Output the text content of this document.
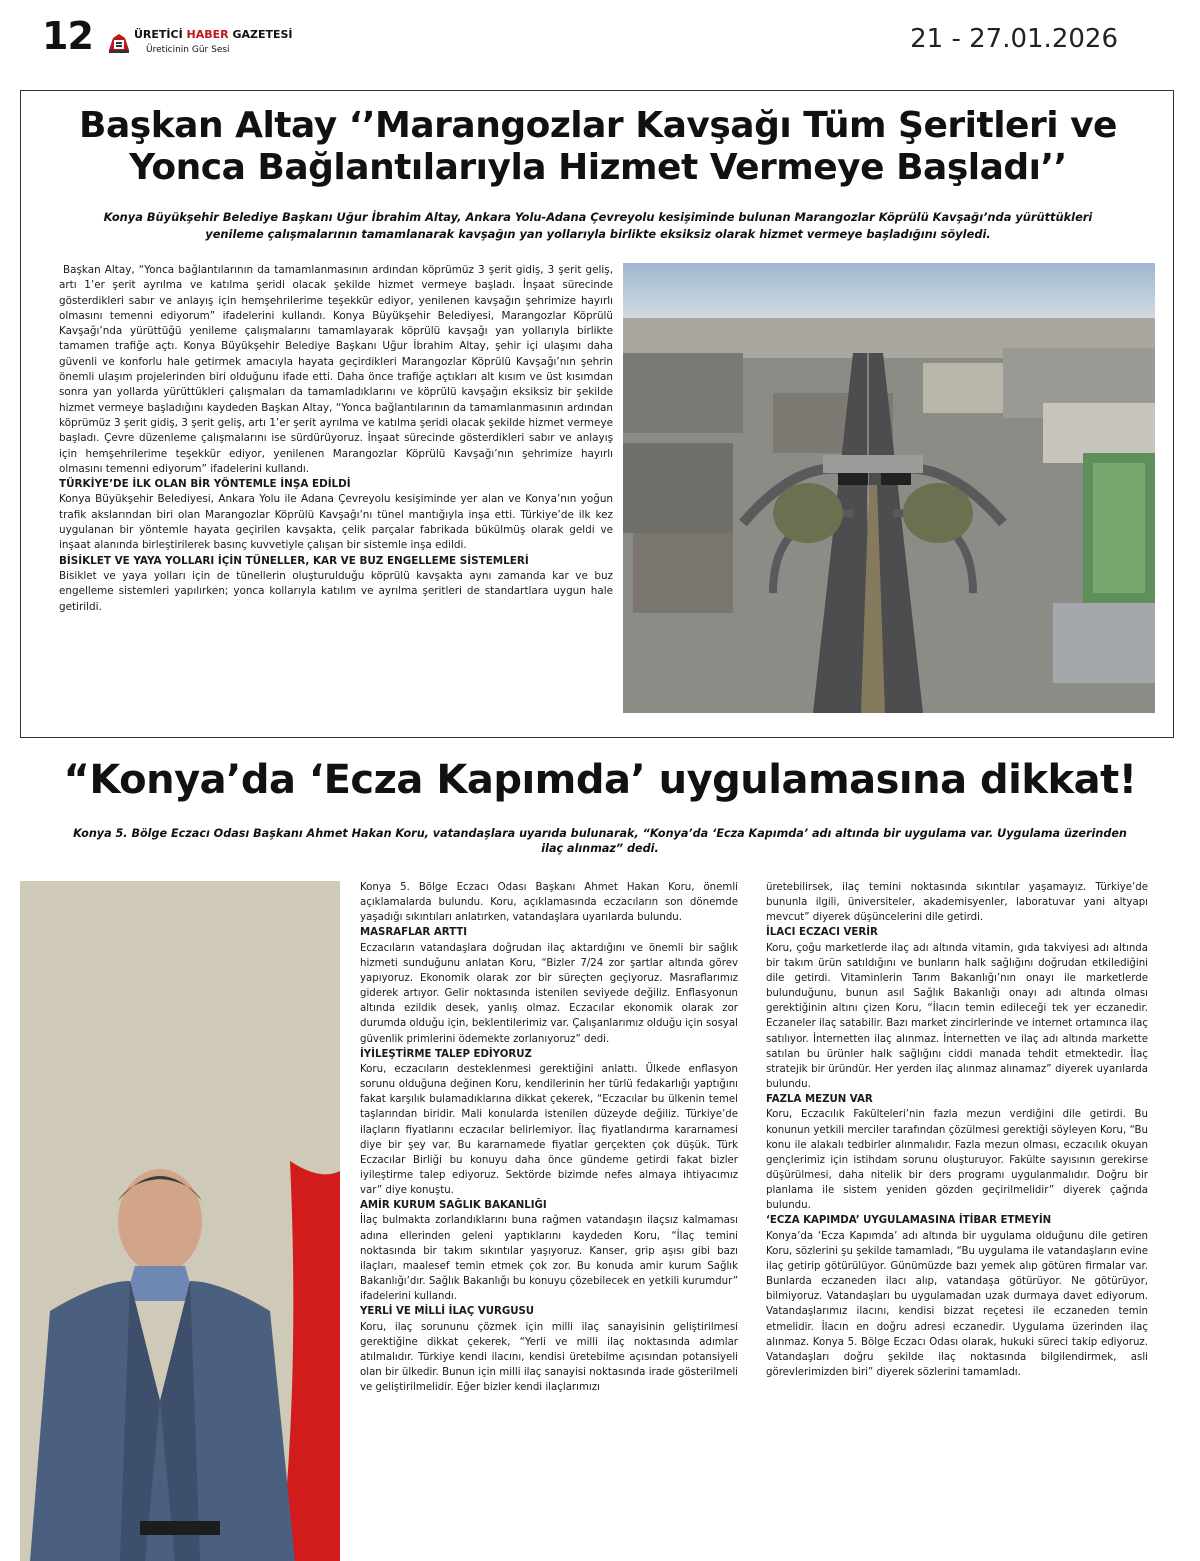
12	ÜRETİCİ HABER GAZETESİ
Üreticinin Gür Sesi	21 - 27.01.2026
Başkan Altay ‘’Marangozlar Kavşağı Tüm Şeritleri ve Yonca Bağlantılarıyla Hizmet Vermeye Başladı’’

Konya Büyükşehir Belediye Başkanı Uğur İbrahim Altay, Ankara Yolu-Adana Çevreyolu kesişiminde bulunan Marangozlar Köprülü Kavşağı’nda yürüttükleri yenileme çalışmalarının tamamlanarak kavşağın yan yollarıyla birlikte eksiksiz olarak hizmet vermeye başladığını söyledi.

Başkan Altay, “Yonca bağlantılarının da tamamlanmasının ardından köprümüz 3 şerit gidiş, 3 şerit geliş, artı 1’er şerit ayrılma ve katılma şeridi olacak şekilde hizmet vermeye başladı. İnşaat sürecinde gösterdikleri sabır ve anlayış için hemşehrilerime teşekkür ediyor, yenilenen kavşağın şehrimize hayırlı olmasını temenni ediyorum” ifadelerini kullandı. Konya Büyükşehir Belediyesi, Marangozlar Köprülü Kavşağı’nda yürüttüğü yenileme çalışmalarını tamamlayarak köprülü kavşağı yan yollarıyla birlikte tamamen trafiğe açtı. Konya Büyükşehir Belediye Başkanı Uğur İbrahim Altay, şehir içi ulaşımı daha güvenli ve konforlu hale getirmek amacıyla hayata geçirdikleri Marangozlar Köprülü Kavşağı’nın şehrin önemli ulaşım projelerinden biri olduğunu ifade etti. Daha önce trafiğe açtıkları alt kısım ve üst kısımdan sonra yan yollarda yürüttükleri çalışmaları da tamamladıklarını ve köprülü kavşağın eksiksiz bir şekilde hizmet vermeye başladığını kaydeden Başkan Altay, “Yonca bağlantılarının da tamamlanmasının ardından köprümüz 3 şerit gidiş, 3 şerit geliş, artı 1’er şerit ayrılma ve katılma şeridi olacak şekilde hizmet vermeye başladı. Çevre düzenleme çalışmalarını ise sürdürüyoruz. İnşaat sürecinde gösterdikleri sabır ve anlayış için hemşehrilerime teşekkür ediyor, yenilenen Marangozlar Köprülü Kavşağı’nın şehrimize hayırlı olmasını temenni ediyorum” ifadelerini kullandı.

TÜRKİYE’DE İLK OLAN BİR YÖNTEMLE İNŞA EDİLDİ

Konya Büyükşehir Belediyesi, Ankara Yolu ile Adana Çevreyolu kesişiminde yer alan ve Konya’nın yoğun trafik akslarından biri olan Marangozlar Köprülü Kavşağı’nı tünel mantığıyla inşa etti. Türkiye’de ilk kez uygulanan bir yöntemle hayata geçirilen kavşakta, çelik parçalar fabrikada bükülmüş olarak geldi ve inşaat alanında birleştirilerek basınç kuvvetiyle çalışan bir sistemle inşa edildi.

BİSİKLET VE YAYA YOLLARI İÇİN TÜNELLER, KAR VE BUZ ENGELLEME SİSTEMLERİ

Bisiklet ve yaya yolları için de tünellerin oluşturulduğu köprülü kavşakta aynı zamanda kar ve buz engelleme sistemleri yapılırken; yonca kollarıyla katılım ve ayrılma şeritleri de standartlara uygun hale getirildi.

“Konya’da ‘Ecza Kapımda’ uygulamasına dikkat!

Konya 5. Bölge Eczacı Odası Başkanı Ahmet Hakan Koru, vatandaşlara uyarıda bulunarak, “Konya’da ‘Ecza Kapımda’ adı altında bir uygulama var. Uygulama üzerinden ilaç alınmaz” dedi.

Konya 5. Bölge Eczacı Odası Başkanı Ahmet Hakan Koru, önemli açıklamalarda bulundu. Koru, açıklamasında eczacıların son dönemde yaşadığı sıkıntıları anlatırken, vatandaşlara uyarılarda bulundu.

MASRAFLAR ARTTI

Eczacıların vatandaşlara doğrudan ilaç aktardığını ve önemli bir sağlık hizmeti sunduğunu anlatan Koru, “Bizler 7/24 zor şartlar altında görev yapıyoruz. Ekonomik olarak zor bir süreçten geçiyoruz. Masraflarımız giderek artıyor. Gelir noktasında istenilen seviyede değiliz. Enflasyonun altında ezildik desek, yanlış olmaz. Eczacılar ekonomik olarak zor durumda olduğu için, beklentilerimiz var. Çalışanlarımız olduğu için sosyal güvenlik primlerini ödemekte zorlanıyoruz” dedi.

İYİLEŞTİRME TALEP EDİYORUZ

Koru, eczacıların desteklenmesi gerektiğini anlattı. Ülkede enflasyon sorunu olduğuna değinen Koru, kendilerinin her türlü fedakarlığı yaptığını fakat karşılık bulamadıklarına dikkat çekerek, “Eczacılar bu ülkenin temel taşlarından biridir. Mali konularda istenilen düzeyde değiliz. Türkiye’de ilaçların fiyatlarını eczacılar belirlemiyor. İlaç fiyatlandırma kararnamesi diye bir şey var. Bu kararnamede fiyatlar gerçekten çok düşük. Türk Eczacılar Birliği bu konuyu daha önce gündeme getirdi fakat bizler iyileştirme talep ediyoruz. Sektörde bizimde nefes almaya ihtiyacımız var” diye konuştu.

AMİR KURUM SAĞLIK BAKANLIĞI

İlaç bulmakta zorlandıklarını buna rağmen vatandaşın ilaçsız kalmaması adına ellerinden geleni yaptıklarını kaydeden Koru, “İlaç temini noktasında bir takım sıkıntılar yaşıyoruz. Kanser, grip aşısı gibi bazı ilaçları, maalesef temin etmek çok zor. Bu konuda amir kurum Sağlık Bakanlığı’dır. Sağlık Bakanlığı bu konuyu çözebilecek en yetkili kurumdur” ifadelerini kullandı.

YERLİ VE MİLLİ İLAÇ VURGUSU

Koru, ilaç sorununu çözmek için milli ilaç sanayisinin geliştirilmesi gerektiğine dikkat çekerek, “Yerli ve milli ilaç noktasında adımlar atılmalıdır. Türkiye kendi ilacını, kendisi üretebilme açısından potansiyeli olan bir ülkedir. Bunun için milli ilaç sanayisi noktasında irade gösterilmeli ve geliştirilmelidir. Eğer bizler kendi ilaçlarımızı

üretebilirsek, ilaç temini noktasında sıkıntılar yaşamayız. Türkiye’de bununla ilgili, üniversiteler, akademisyenler, laboratuvar yani altyapı mevcut” diyerek düşüncelerini dile getirdi.

İLACI ECZACI VERİR

Koru, çoğu marketlerde ilaç adı altında vitamin, gıda takviyesi adı altında bir takım ürün satıldığını ve bunların halk sağlığını doğrudan etkilediğini dile getirdi. Vitaminlerin Tarım Bakanlığı’nın onayı ile marketlerde bulunduğunu, bunun asıl Sağlık Bakanlığı onayı adı altında olması gerektiğinin altını çizen Koru, “İlacın temin edileceği tek yer eczanedir. Eczaneler ilaç satabilir. Bazı market zincirlerinde ve internet ortamınca ilaç satılıyor. İnternetten ilaç alınmaz. İnternetten ve ilaç adı altında markette satılan bu ürünler halk sağlığını ciddi manada tehdit etmektedir. İlaç stratejik bir üründür. Her yerden ilaç alınmaz alınamaz” diyerek uyarılarda bulundu.

FAZLA MEZUN VAR

Koru, Eczacılık Fakülteleri’nin fazla mezun verdiğini dile getirdi. Bu konunun yetkili merciler tarafından çözülmesi gerektiği söyleyen Koru, “Bu konu ile alakalı tedbirler alınmalıdır. Fazla mezun olması, eczacılık okuyan gençlerimiz için istihdam sorunu oluşturuyor. Fakülte sayısının gerekirse düşürülmesi, daha nitelik bir ders programı uygulanmalıdır. Doğru bir planlama ile sistem yeniden gözden geçirilmelidir” diyerek çağrıda bulundu.

‘ECZA KAPIMDA’ UYGULAMASINA İTİBAR ETMEYİN

Konya’da ‘Ecza Kapımda’ adı altında bir uygulama olduğunu dile getiren Koru, sözlerini şu şekilde tamamladı, “Bu uygulama ile vatandaşların evine ilaç getirip götürülüyor. Günümüzde bazı yemek alıp götüren firmalar var. Bunlarda eczaneden ilacı alıp, vatandaşa götürüyor. Ne götürüyor, bilmiyoruz. Vatandaşları bu uygulamadan uzak durmaya davet ediyorum. Vatandaşlarımız ilacını, kendisi bizzat reçetesi ile eczaneden temin etmelidir. İlacın en doğru adresi eczanedir. Uygulama üzerinden ilaç alınmaz. Konya 5. Bölge Eczacı Odası olarak, hukuki süreci takip ediyoruz. Vatandaşları doğru şekilde ilaç noktasında bilgilendirmek, asli görevlerimizden biri” diyerek sözlerini tamamladı.
